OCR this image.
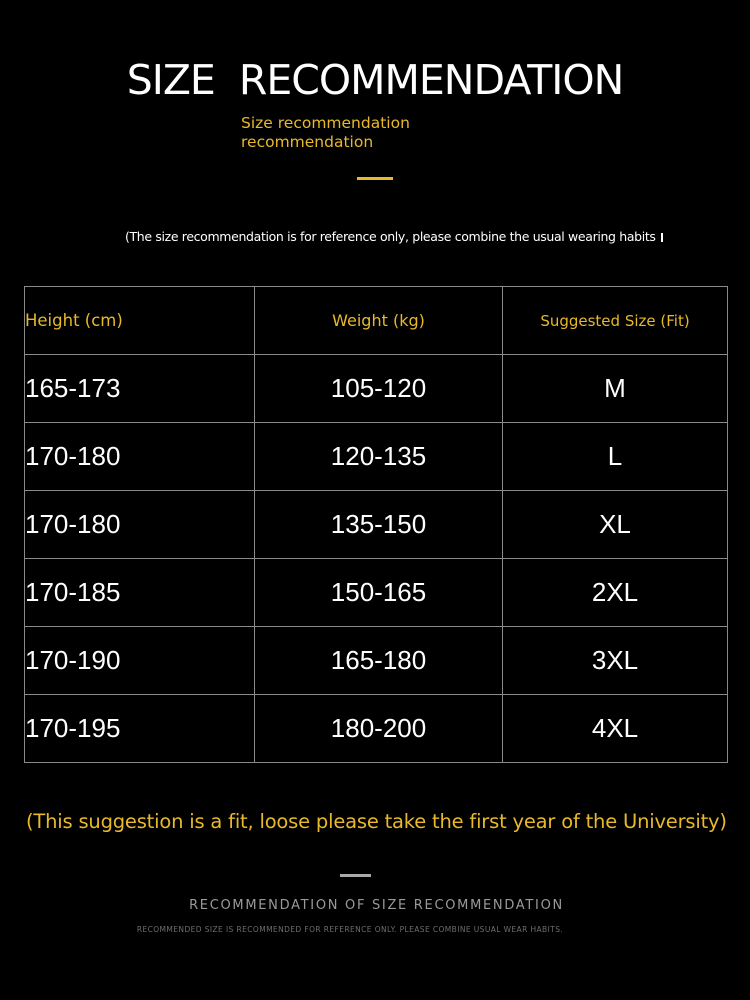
SIZE RECOMMENDATION
Size recommendation
recommendation
(The size recommendation is for reference only, please combine the usual wearing habits
Height (cm)	Weight (kg)	Suggested Size (Fit)
165-173	105-120	M
170-180	120-135	L
170-180	135-150	XL
170-185	150-165	2XL
170-190	165-180	3XL
170-195	180-200	4XL
(This suggestion is a fit, loose please take the first year of the University)
RECOMMENDATION OF SIZE RECOMMENDATION
RECOMMENDED SIZE IS RECOMMENDED FOR REFERENCE ONLY. PLEASE COMBINE USUAL WEAR HABITS.
